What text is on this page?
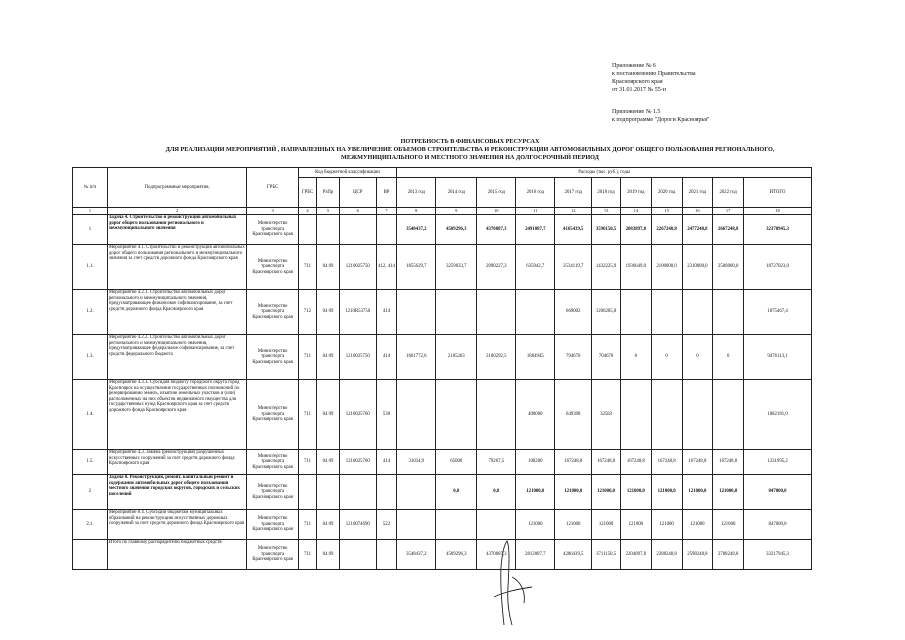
Приложение № 6
к постановлению Правительства
Красноярского края
от 31.01.2017 № 55-п
Приложение № 1.5
к подпрограмме "Дороги Красноярья"
ПОТРЕБНОСТЬ В ФИНАНСОВЫХ РЕСУРСАХ
ДЛЯ РЕАЛИЗАЦИИ МЕРОПРИЯТИЙ , НАПРАВЛЕННЫХ НА УВЕЛИЧЕНИЕ ОБЪЕМОВ СТРОИТЕЛЬСТВА И РЕКОНСТРУКЦИИ АВТОМОБИЛЬНЫХ ДОРОГ ОБЩЕГО ПОЛЬЗОВАНИЯ РЕГИОНАЛЬНОГО,
МЕЖМУНИЦИПАЛЬНОГО И МЕСТНОГО ЗНАЧЕНИЯ НА ДОЛГОСРОЧНЫЙ ПЕРИОД
№ п/п	Подпрограммные мероприятия,	ГРБС	Код бюджетной классификации				Расходы (тыс. руб.), годы										
			ГРБС	РзПр	ЦСР	ВР	2013 год	2014 год	2015 год	2016 год	2017 год	2018 год	2019 год	2020 год	2021 год	2022 год	ИТОГО
1	2	3	4	5	6	7	8	9	10	11	12	13	14	15	16	17	18
1	Задача 4. Строительство и реконструкция автомобильных дорог общего пользования регионального и межмуниципального значения	Министерство транспорта Красноярского края					3548437,2	4509296,3	4370887,3	2491087,7	4165439,5	3590150,5	2083897,8	2267248,8	2477248,8	2667248,8	32370945,3
1.1.	Мероприятие 4.1. Строительство и реконструкция автомобильных дорог общего пользования регионального и межмуниципального значения за счет средств дорожного фонда Красноярского края	Министерство транспорта Красноярского края	711	04 09	1210025750	412, 414	1855629,7	3259033,7	2090227,3	635942,7	2534119,7	1432225,9	1936649,0	2100000,0	2310000,0	2500000,0	18727023,0
1.2.	Мероприятие 4.2.1. Строительство автомобильных дорог регионального и межмуниципального значения, предусматривающее финансовое софинансирование, за счет средств дорожного фонда Красноярского края	Министерство транспорта Красноярского края	712	04 09	1210R53750	414					669002	1206205,8					1875467,4
1.3.	Мероприятие 4.2.2. Строительство автомобильных дорог регионального и межмуниципального значения, предусматривающее федеральное софинансирование, за счет средств федерального бюджета	Министерство транспорта Красноярского края	711	04 09	1210025750	414	1661772,6	2185263	2100292,5	1804945	794670	704670	0	0	0	0	9476113,1
1.4.	Мероприятие 4.3.3. Субсидия бюджету городского округа город Красноярск на осуществление государственных полномочий по резервированию земель, изъятию земельных участков и (или) расположенных на них объектов недвижимого имущества для государственных нужд Красноярского края за счет средств дорожного фонда Красноярского края	Министерство транспорта Красноярского края	711	04 09	1210025760	530				400000	649398	32583					1082181,0
1.5.	Мероприятие 4.3. Замена (реконструкция) разрушенных искусственных сооружений за счет средств дорожного фонда Красноярского края	Министерство транспорта Красноярского края	711	04 09	1210025760	414	31034,9	65000	79267,5	100200	167248,8	167248,8	167248,8	167248,8	167248,8	167248,8	1331995,2
2	Задача 8. Реконструкция, ремонт, капитальный ремонт и содержание автомобильных дорог общего пользования местного значения городских округов, городских и сельских поселений	Министерство транспорта Красноярского края						0,0	0,0	121000,0	121000,0	121000,0	121000,0	121000,0	121000,0	121000,0	847000,0
2.1.	Мероприятие 8.4. Субсидии бюджетам муниципальных образований на реконструкцию искусственных дорожных сооружений за счет средств дорожного фонда Красноярского края	Министерство транспорта Красноярского края	711	04 09	1210074690	522				121000	121000	121000	121000	121000	121000	121000	847000,0
	Итого по главному распорядителю бюджетных средств	Министерство транспорта Красноярского края	711	04 09			3548437,2	4509296,3	4370887,3	2812087,7	4286439,5	3711150,5	2204897,8	2388248,8	2598248,8	2788248,8	33217945,3
